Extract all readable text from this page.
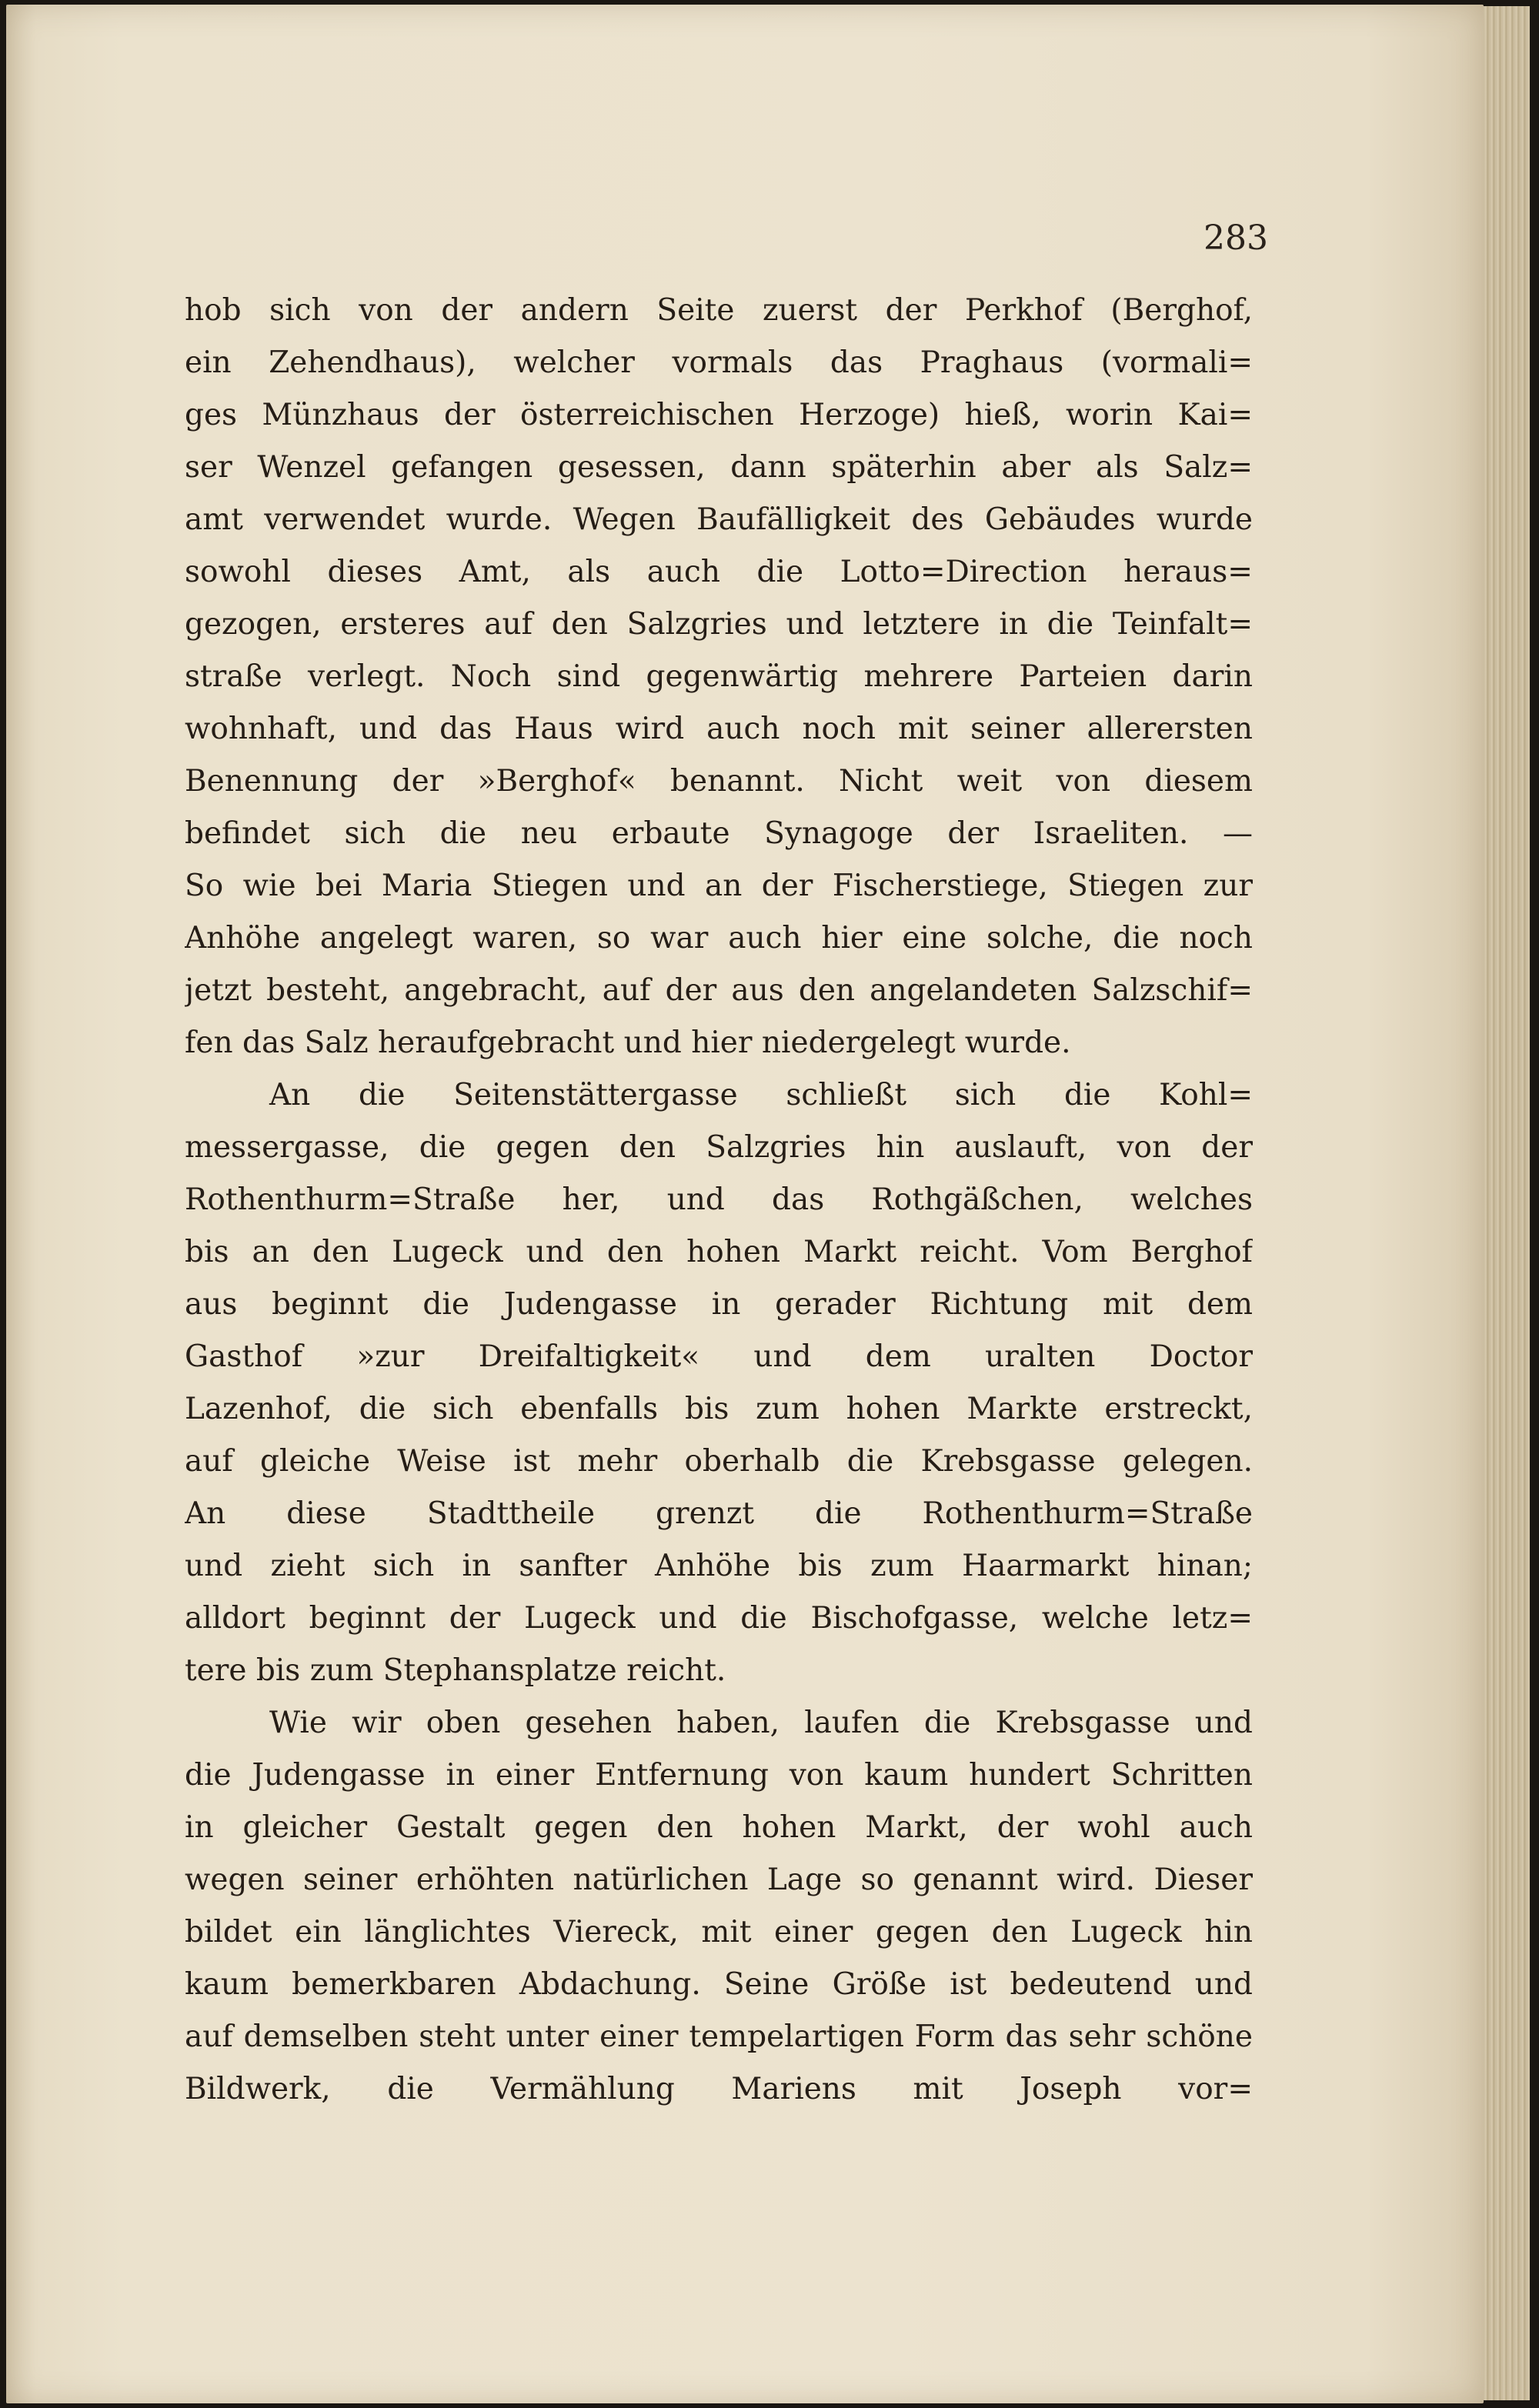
283
hob sich von der andern Seite zuerst der Perkhof (Berghof,
ein Zehendhaus), welcher vormals das Praghaus (vormali=
ges Münzhaus der österreichischen Herzoge) hieß, worin Kai=
ser Wenzel gefangen gesessen, dann späterhin aber als Salz=
amt verwendet wurde. Wegen Baufälligkeit des Gebäudes wurde
sowohl dieses Amt, als auch die Lotto=Direction heraus=
gezogen, ersteres auf den Salzgries und letztere in die Teinfalt=
straße verlegt. Noch sind gegenwärtig mehrere Parteien darin
wohnhaft, und das Haus wird auch noch mit seiner allerersten
Benennung der »Berghof« benannt. Nicht weit von diesem
befindet sich die neu erbaute Synagoge der Israeliten. —
So wie bei Maria Stiegen und an der Fischerstiege, Stiegen zur
Anhöhe angelegt waren, so war auch hier eine solche, die noch
jetzt besteht, angebracht, auf der aus den angelandeten Salzschif=
fen das Salz heraufgebracht und hier niedergelegt wurde.
An die Seitenstättergasse schließt sich die Kohl=
messergasse, die gegen den Salzgries hin auslauft, von der
Rothenthurm=Straße her, und das Rothgäßchen, welches
bis an den Lugeck und den hohen Markt reicht. Vom Berghof
aus beginnt die Judengasse in gerader Richtung mit dem
Gasthof »zur Dreifaltigkeit« und dem uralten Doctor
Lazenhof, die sich ebenfalls bis zum hohen Markte erstreckt,
auf gleiche Weise ist mehr oberhalb die Krebsgasse gelegen.
An diese Stadttheile grenzt die Rothenthurm=Straße
und zieht sich in sanfter Anhöhe bis zum Haarmarkt hinan;
alldort beginnt der Lugeck und die Bischofgasse, welche letz=
tere bis zum Stephansplatze reicht.
Wie wir oben gesehen haben, laufen die Krebsgasse und
die Judengasse in einer Entfernung von kaum hundert Schritten
in gleicher Gestalt gegen den hohen Markt, der wohl auch
wegen seiner erhöhten natürlichen Lage so genannt wird. Dieser
bildet ein länglichtes Viereck, mit einer gegen den Lugeck hin
kaum bemerkbaren Abdachung. Seine Größe ist bedeutend und
auf demselben steht unter einer tempelartigen Form das sehr schöne
Bildwerk, die Vermählung Mariens mit Joseph vor=
